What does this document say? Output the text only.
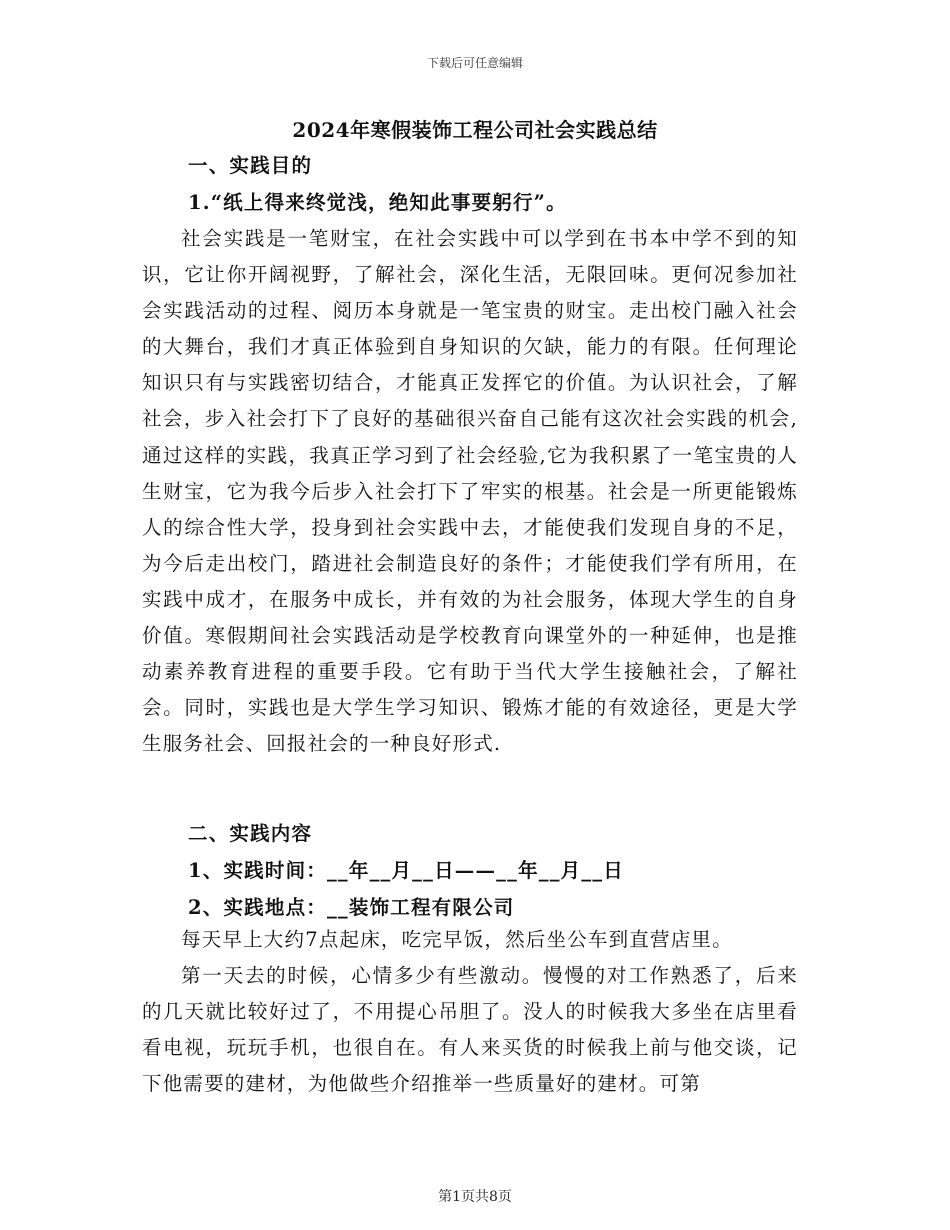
下载后可任意编辑
2024年寒假装饰工程公司社会实践总结
一、实践目的
1.“纸上得来终觉浅，绝知此事要躬行”。

社会实践是一笔财宝，在社会实践中可以学到在书本中学不到的知识，它让你开阔视野，了解社会，深化生活，无限回味。更何况参加社会实践活动的过程、阅历本身就是一笔宝贵的财宝。走出校门融入社会的大舞台，我们才真正体验到自身知识的欠缺，能力的有限。任何理论知识只有与实践密切结合，才能真正发挥它的价值。为认识社会，了解社会，步入社会打下了良好的基础很兴奋自己能有这次社会实践的机会,通过这样的实践，我真正学习到了社会经验,它为我积累了一笔宝贵的人生财宝，它为我今后步入社会打下了牢实的根基。社会是一所更能锻炼人的综合性大学，投身到社会实践中去，才能使我们发现自身的不足，为今后走出校门，踏进社会制造良好的条件；才能使我们学有所用，在实践中成才，在服务中成长，并有效的为社会服务，体现大学生的自身价值。寒假期间社会实践活动是学校教育向课堂外的一种延伸，也是推动素养教育进程的重要手段。它有助于当代大学生接触社会，了解社会。同时，实践也是大学生学习知识、锻炼才能的有效途径，更是大学生服务社会、回报社会的一种良好形式.

二、实践内容
1、实践时间：__年__月__日——__年__月__日
2、实践地点：__装饰工程有限公司

每天早上大约7点起床，吃完早饭，然后坐公车到直营店里。

第一天去的时候，心情多少有些激动。慢慢的对工作熟悉了，后来的几天就比较好过了，不用提心吊胆了。没人的时候我大多坐在店里看看电视，玩玩手机，也很自在。有人来买货的时候我上前与他交谈，记下他需要的建材，为他做些介绍推举一些质量好的建材。可第

第1页共8页
